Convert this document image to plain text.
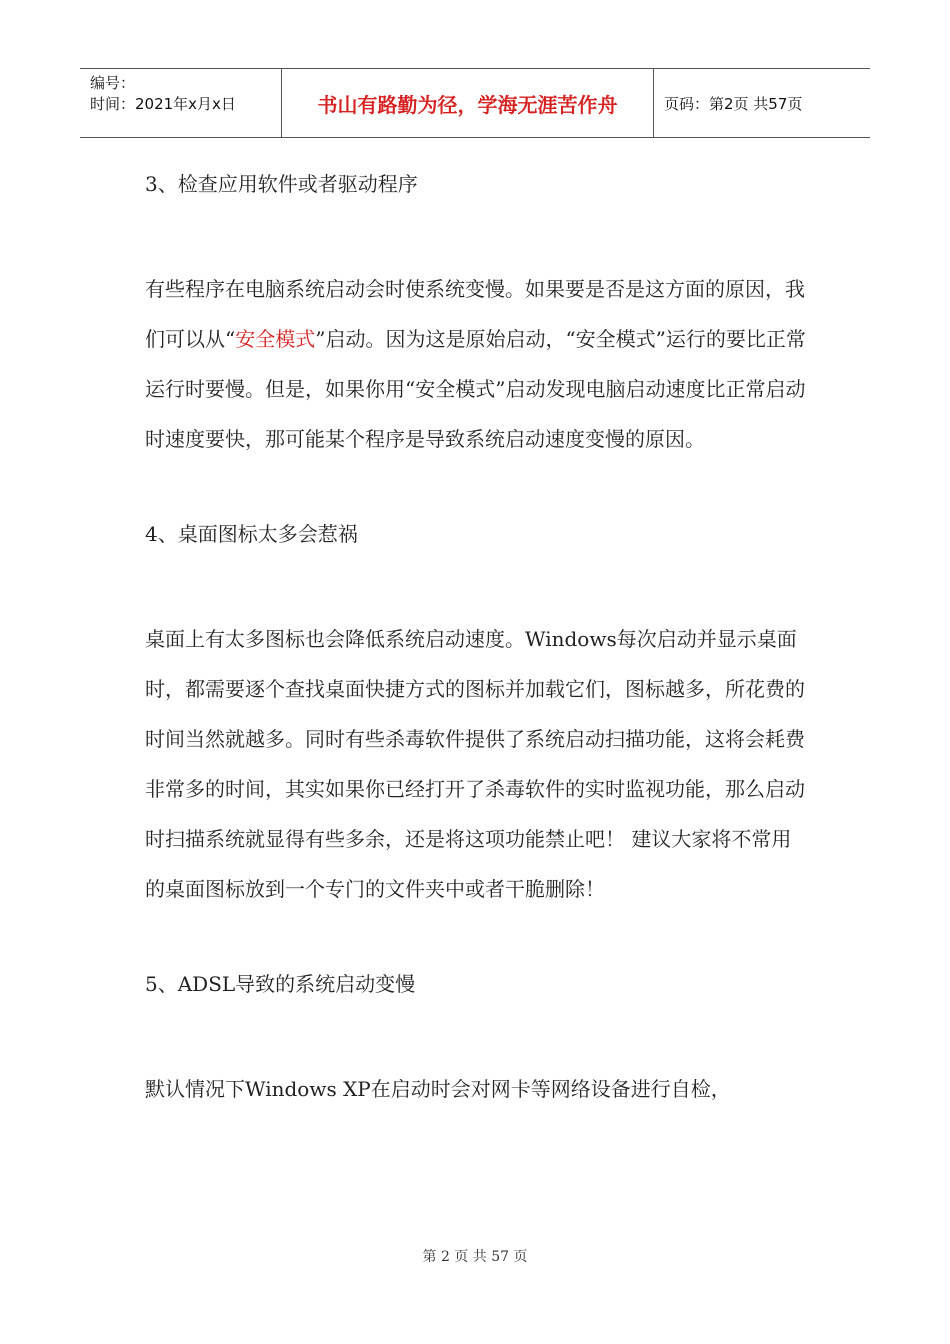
编号：
时间：2021年x月x日	书山有路勤为径，学海无涯苦作舟	页码：第2页 共57页

3、检查应用软件或者驱动程序

有些程序在电脑系统启动会时使系统变慢。如果要是否是这方面的原因，我们可以从“安全模式”启动。因为这是原始启动，“安全模式”运行的要比正常运行时要慢。但是，如果你用“安全模式”启动发现电脑启动速度比正常启动时速度要快，那可能某个程序是导致系统启动速度变慢的原因。

4、桌面图标太多会惹祸

桌面上有太多图标也会降低系统启动速度。Windows每次启动并显示桌面时，都需要逐个查找桌面快捷方式的图标并加载它们，图标越多，所花费的时间当然就越多。同时有些杀毒软件提供了系统启动扫描功能，这将会耗费非常多的时间，其实如果你已经打开了杀毒软件的实时监视功能，那么启动时扫描系统就显得有些多余，还是将这项功能禁止吧！ 建议大家将不常用的桌面图标放到一个专门的文件夹中或者干脆删除！

5、ADSL导致的系统启动变慢

默认情况下Windows XP在启动时会对网卡等网络设备进行自检，

第 2 页 共 57 页
